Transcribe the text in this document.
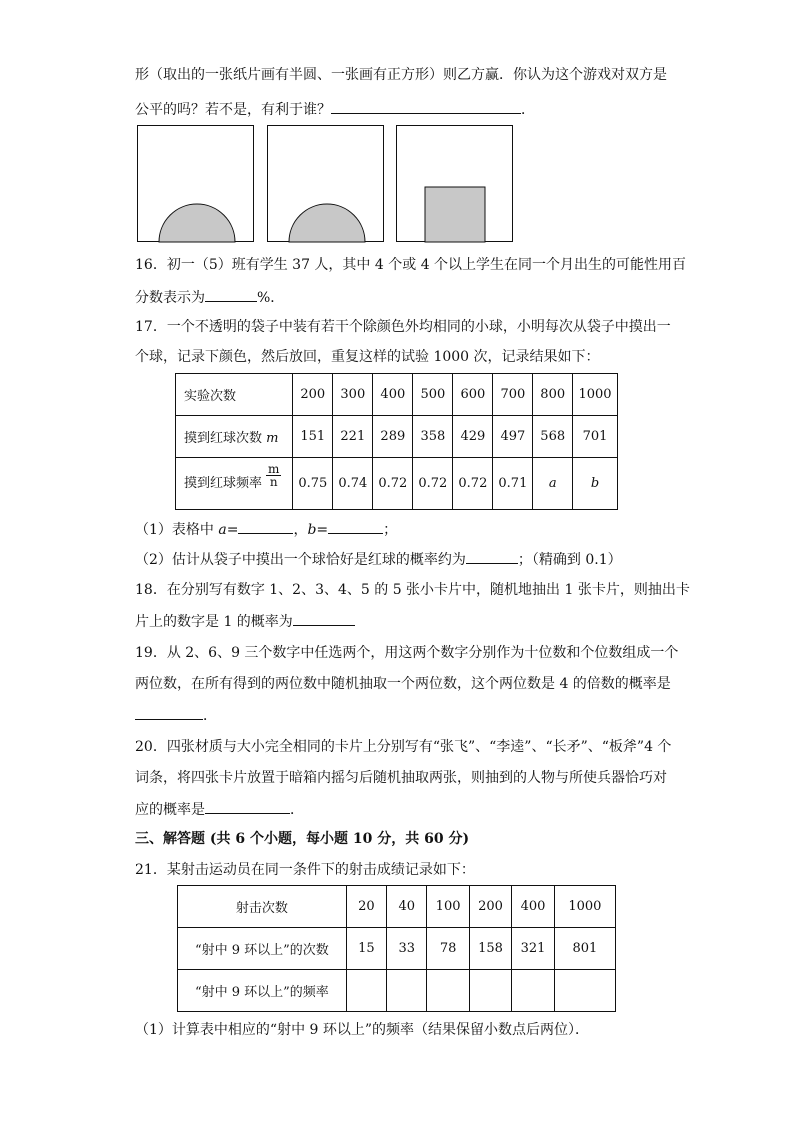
形（取出的一张纸片画有半圆、一张画有正方形）则乙方赢．你认为这个游戏对双方是
公平的吗？若不是，有利于谁？	．
16．初一（5）班有学生 37 人，其中 4 个或 4 个以上学生在同一个月出生的可能性用百
分数表示为	%．
17．一个不透明的袋子中装有若干个除颜色外均相同的小球，小明每次从袋子中摸出一
个球，记录下颜色，然后放回，重复这样的试验 1000 次，记录结果如下：
实验次数	200	300	400	500	600	700	800	1000
摸到红球次数 m	151	221	289	358	429	497	568	701
摸到红球频率 $\frac{m}{n}$	0.75	0.74	0.72	0.72	0.72	0.71	a	b
（1）表格中 a=	，b=	；
（2）估计从袋子中摸出一个球恰好是红球的概率约为	；（精确到 0.1）
18．在分别写有数字 1、2、3、4、5 的 5 张小卡片中，随机地抽出 1 张卡片，则抽出卡
片上的数字是 1 的概率为
19．从 2、6、9 三个数字中任选两个，用这两个数字分别作为十位数和个位数组成一个
两位数，在所有得到的两位数中随机抽取一个两位数，这个两位数是 4 的倍数的概率是
．
20．四张材质与大小完全相同的卡片上分别写有“张飞”、“李逵”、“长矛”、“板斧”4 个
词条，将四张卡片放置于暗箱内摇匀后随机抽取两张，则抽到的人物与所使兵器恰巧对
应的概率是	．
三、解答题 (共 6 个小题，每小题 10 分，共 60 分)
21．某射击运动员在同一条件下的射击成绩记录如下：
射击次数	20	40	100	200	400	1000
“射中 9 环以上”的次数	15	33	78	158	321	801
“射中 9 环以上”的频率						
（1）计算表中相应的“射中 9 环以上”的频率（结果保留小数点后两位）．
